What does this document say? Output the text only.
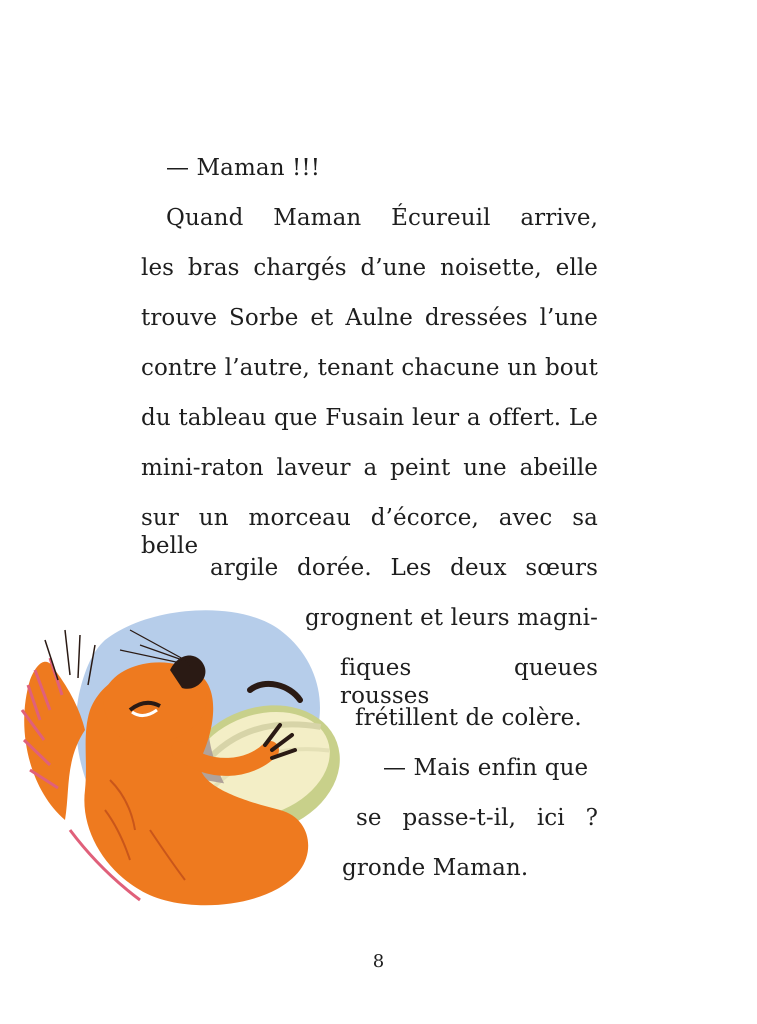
— Maman !!!
Quand Maman Écureuil arrive,
les bras chargés d’une noisette, elle
trouve Sorbe et Aulne dressées l’une
contre l’autre, tenant chacune un bout
du tableau que Fusain leur a offert. Le
mini-raton laveur a peint une abeille
sur un morceau d’écorce, avec sa belle
argile dorée. Les deux sœurs
grognent et leurs magni-
fiques queues rousses
frétillent de colère.
— Mais enfin que
se passe-t-il, ici ?
gronde Maman.
8
